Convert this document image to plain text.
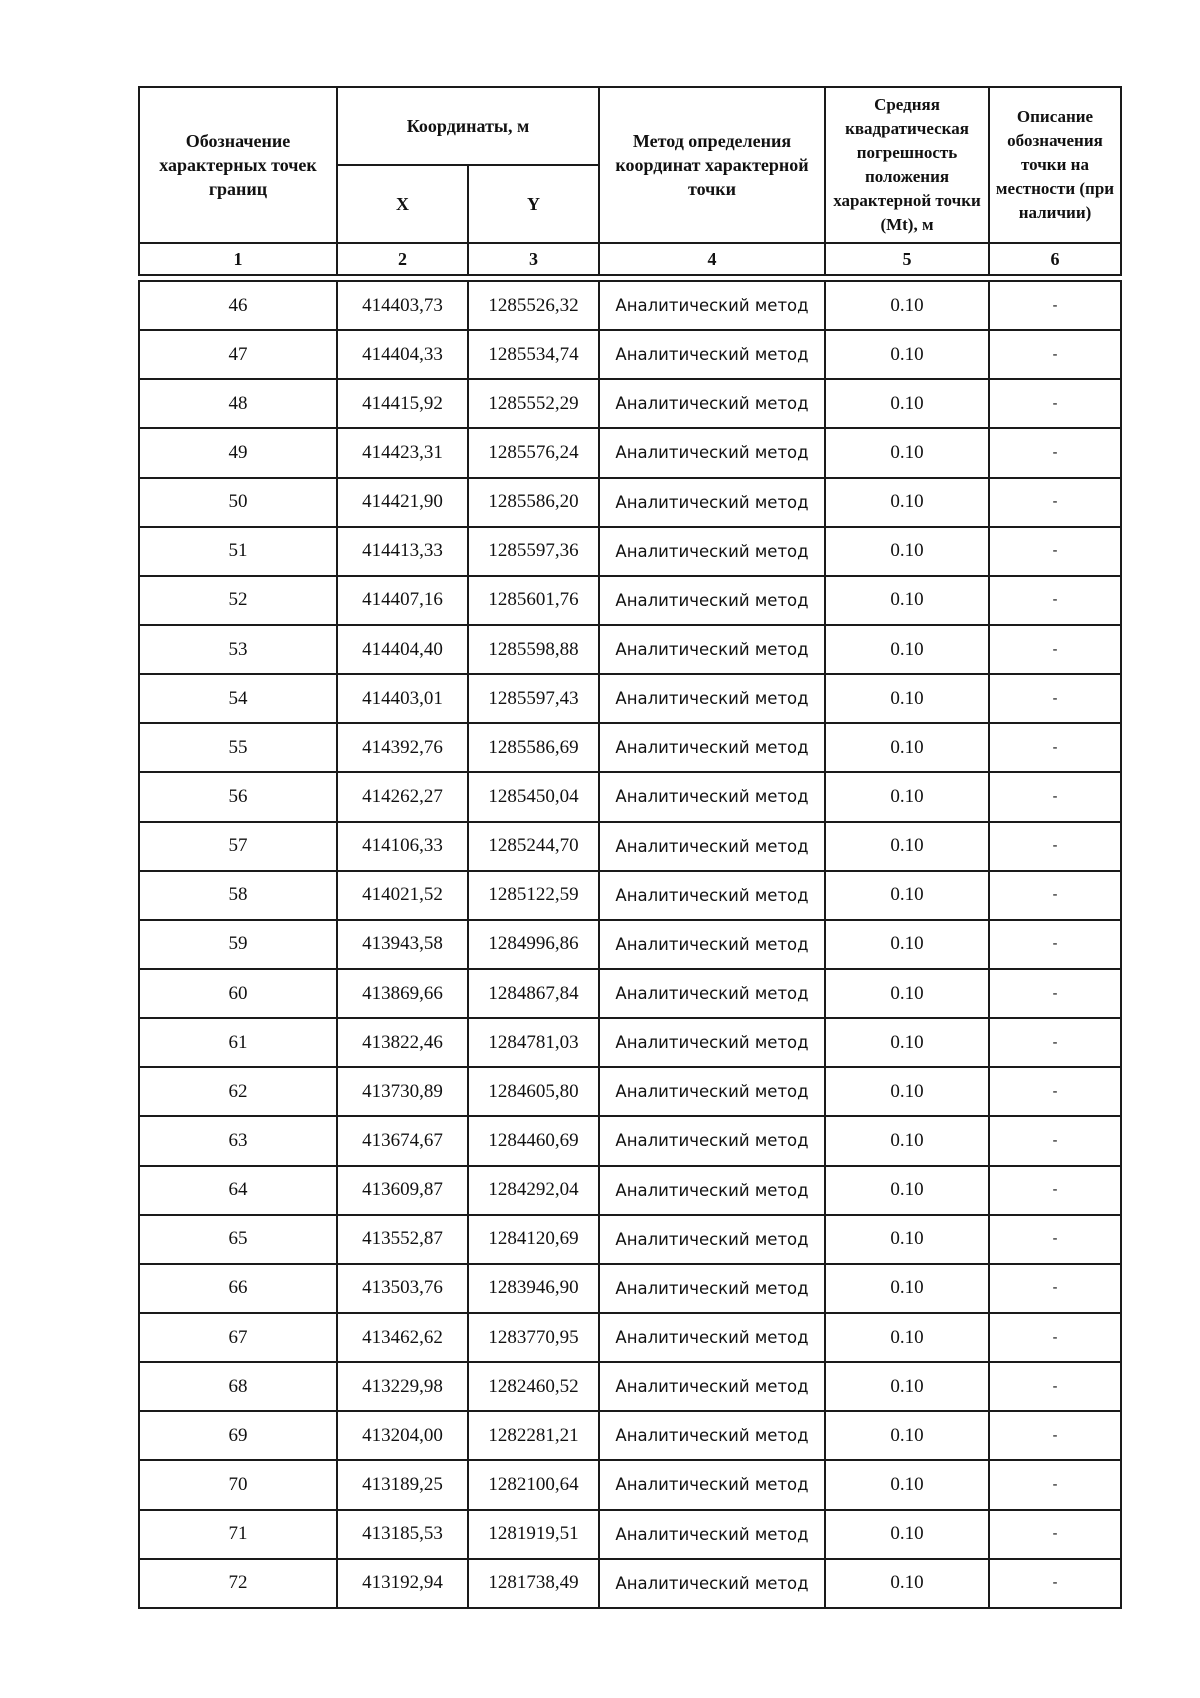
Обозначение характерных точек границ	Координаты, м		Метод определения координат характерной точки	Средняя квадратическая погрешность положения характерной точки (Mt), м	Описание обозначения точки на местности (при наличии)
	X	Y			
1	2	3	4	5	6
46	414403,73	1285526,32	Аналитический метод	0.10	-
47	414404,33	1285534,74	Аналитический метод	0.10	-
48	414415,92	1285552,29	Аналитический метод	0.10	-
49	414423,31	1285576,24	Аналитический метод	0.10	-
50	414421,90	1285586,20	Аналитический метод	0.10	-
51	414413,33	1285597,36	Аналитический метод	0.10	-
52	414407,16	1285601,76	Аналитический метод	0.10	-
53	414404,40	1285598,88	Аналитический метод	0.10	-
54	414403,01	1285597,43	Аналитический метод	0.10	-
55	414392,76	1285586,69	Аналитический метод	0.10	-
56	414262,27	1285450,04	Аналитический метод	0.10	-
57	414106,33	1285244,70	Аналитический метод	0.10	-
58	414021,52	1285122,59	Аналитический метод	0.10	-
59	413943,58	1284996,86	Аналитический метод	0.10	-
60	413869,66	1284867,84	Аналитический метод	0.10	-
61	413822,46	1284781,03	Аналитический метод	0.10	-
62	413730,89	1284605,80	Аналитический метод	0.10	-
63	413674,67	1284460,69	Аналитический метод	0.10	-
64	413609,87	1284292,04	Аналитический метод	0.10	-
65	413552,87	1284120,69	Аналитический метод	0.10	-
66	413503,76	1283946,90	Аналитический метод	0.10	-
67	413462,62	1283770,95	Аналитический метод	0.10	-
68	413229,98	1282460,52	Аналитический метод	0.10	-
69	413204,00	1282281,21	Аналитический метод	0.10	-
70	413189,25	1282100,64	Аналитический метод	0.10	-
71	413185,53	1281919,51	Аналитический метод	0.10	-
72	413192,94	1281738,49	Аналитический метод	0.10	-
